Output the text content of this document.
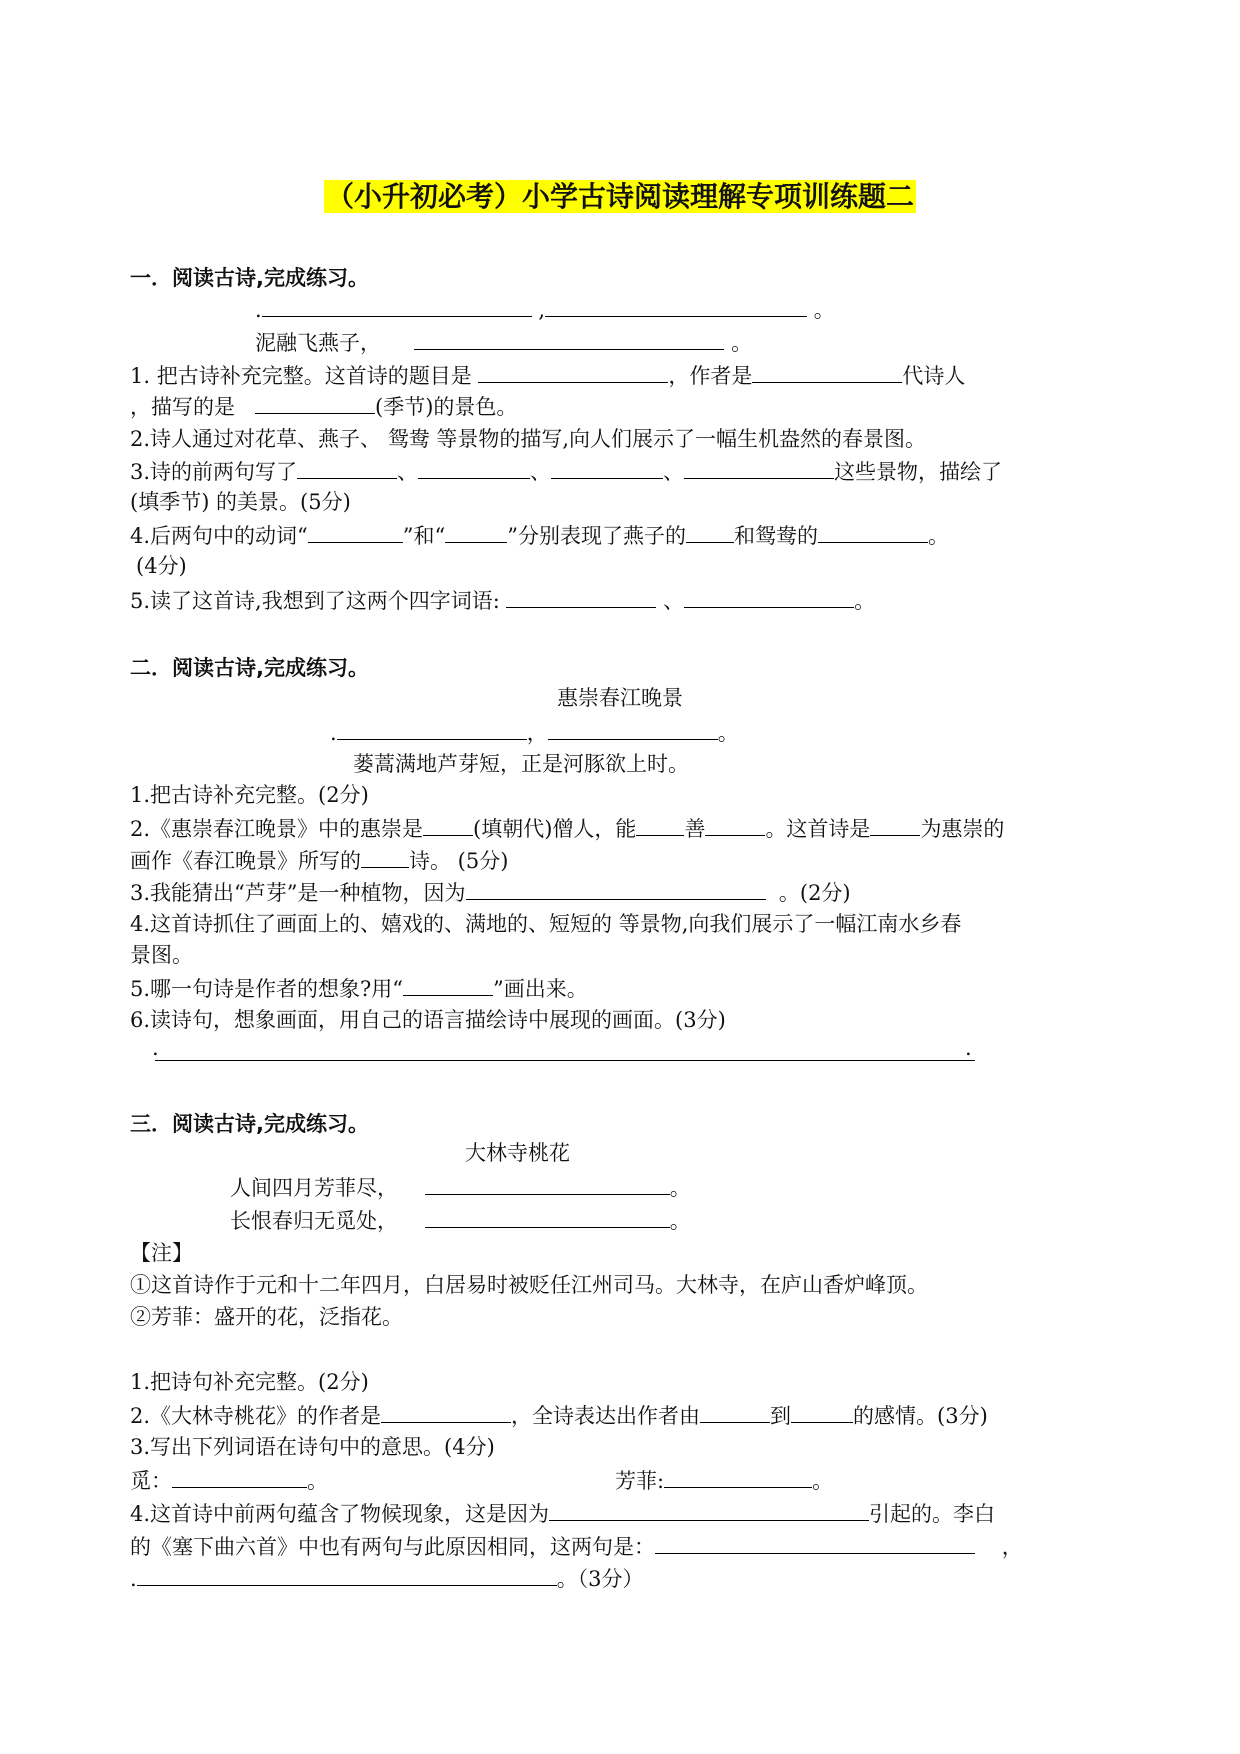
（小升初必考）小学古诗阅读理解专项训练题二
一．阅读古诗,完成练习。
.	,	。
泥融飞燕子，	。
1. 把古诗补充完整。这首诗的题目是	，作者是	代诗人
，描写的是	(季节)的景色。
2.诗人通过对花草、燕子、 鸳鸯 等景物的描写,向人们展示了一幅生机盎然的春景图。
3.诗的前两句写了	、	、	、	这些景物，描绘了
(填季节) 的美景。(5分)
4.后两句中的动词“	”和“	”分别表现了燕子的 和鸳鸯的	。
(4分)
5.读了这首诗,我想到了这两个四字词语:	、	。
二．阅读古诗,完成练习。
惠崇春江晚景
.	，	。
蒌蒿满地芦芽短，正是河豚欲上时。
1.把古诗补充完整。(2分)
2.《惠崇春江晚景》中的惠崇是 (填朝代)僧人，能 善	。这首诗是 为惠崇的
画作《春江晚景》所写的 诗。 (5分)
3.我能猜出“芦芽”是一种植物，因为	。(2分)
4.这首诗抓住了画面上的、嬉戏的、满地的、短短的 等景物,向我们展示了一幅江南水乡春
景图。
5.哪一句诗是作者的想象?用“	”画出来。
6.读诗句，想象画面，用自己的语言描绘诗中展现的画面。(3分)
.	.
三．阅读古诗,完成练习。
大林寺桃花
人间四月芳菲尽，	。
长恨春归无觅处，	。
【注】
①这首诗作于元和十二年四月，白居易时被贬任江州司马。大林寺，在庐山香炉峰顶。
②芳菲：盛开的花，泛指花。
1.把诗句补充完整。(2分)
2.《大林寺桃花》的作者是	，全诗表达出作者由	到	的感情。(3分)
3.写出下列词语在诗句中的意思。(4分)
觅：	。	芳菲:	。
4.这首诗中前两句蕴含了物候现象，这是因为	引起的。李白
的《塞下曲六首》中也有两句与此原因相同，这两句是：	，
.	。（3分）
